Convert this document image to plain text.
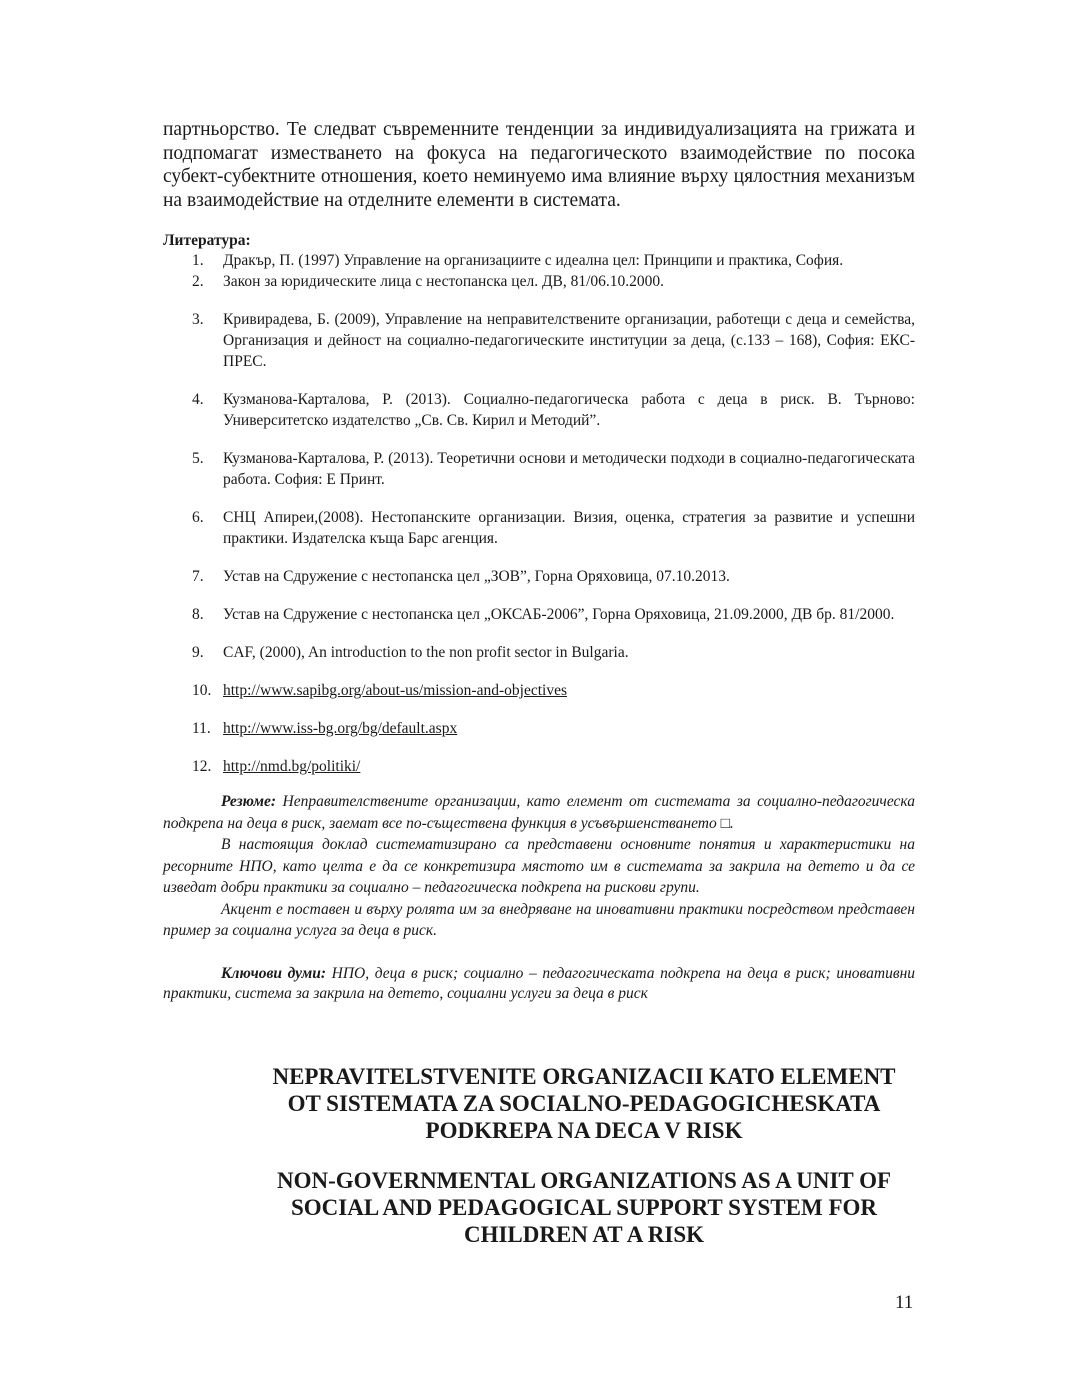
партньорство. Те следват съвременните тенденции за индивидуализацията на грижата и подпомагат изместването на фокуса на педагогическото взаимодействие по посока субект-субектните отношения, което неминуемо има влияние върху цялостния механизъм на взаимодействие на отделните елементи в системата.

Литература:
1. Дракър, П. (1997) Управление на организациите с идеална цел: Принципи и практика, София.
2. Закон за юридическите лица с нестопанска цел. ДВ, 81/06.10.2000.
3. Кривирадева, Б. (2009), Управление на неправителствените организации, работещи с деца и семейства, Организация и дейност на социално-педагогическите институции за деца, (с.133 – 168), София: ЕКС-ПРЕС.
4. Кузманова-Карталова, Р. (2013). Социално-педагогическа работа с деца в риск. В. Търново: Университетско издателство „Св. Св. Кирил и Методий”.
5. Кузманова-Карталова, Р. (2013). Теоретични основи и методически подходи в социално-педагогическата работа. София: Е Принт.
6. СНЦ Апиреи,(2008). Нестопанските организации. Визия, оценка, стратегия за развитие и успешни практики. Издателска къща Барс агенция.
7. Устав на Сдружение с нестопанска цел „ЗОВ”, Горна Оряховица, 07.10.2013.
8. Устав на Сдружение с нестопанска цел „ОКСАБ-2006”, Горна Оряховица, 21.09.2000, ДВ бр. 81/2000.
9. CAF, (2000), An introduction to the non profit sector in Bulgaria.
10. http://www.sapibg.org/about-us/mission-and-objectives
11. http://www.iss-bg.org/bg/default.aspx
12. http://nmd.bg/politiki/

Резюме: Неправителствените организации, като елемент от системата за социално-педагогическа подкрепа на деца в риск, заемат все по-съществена функция в усъвършенстването □.

В настоящия доклад систематизирано са представени основните понятия и характеристики на ресорните НПО, като целта е да се конкретизира мястото им в системата за закрила на детето и да се изведат добри практики за социално – педагогическа подкрепа на рискови групи.

Акцент е поставен и върху ролята им за внедряване на иновативни практики посредством представен пример за социална услуга за деца в риск.

Ключови думи: НПО, деца в риск; социално – педагогическата подкрепа на деца в риск; иновативни практики, система за закрила на детето, социални услуги за деца в риск
NEPRAVITELSTVENITE ORGANIZACII KATO ELEMENT
OT SISTEMATA ZA SOCIALNO-PEDAGOGICHESKATA
PODKREPA NA DECA V RISK
NON-GOVERNMENTAL ORGANIZATIONS AS A UNIT OF
SOCIAL AND PEDAGOGICAL SUPPORT SYSTEM FOR
CHILDREN AT A RISK
11
